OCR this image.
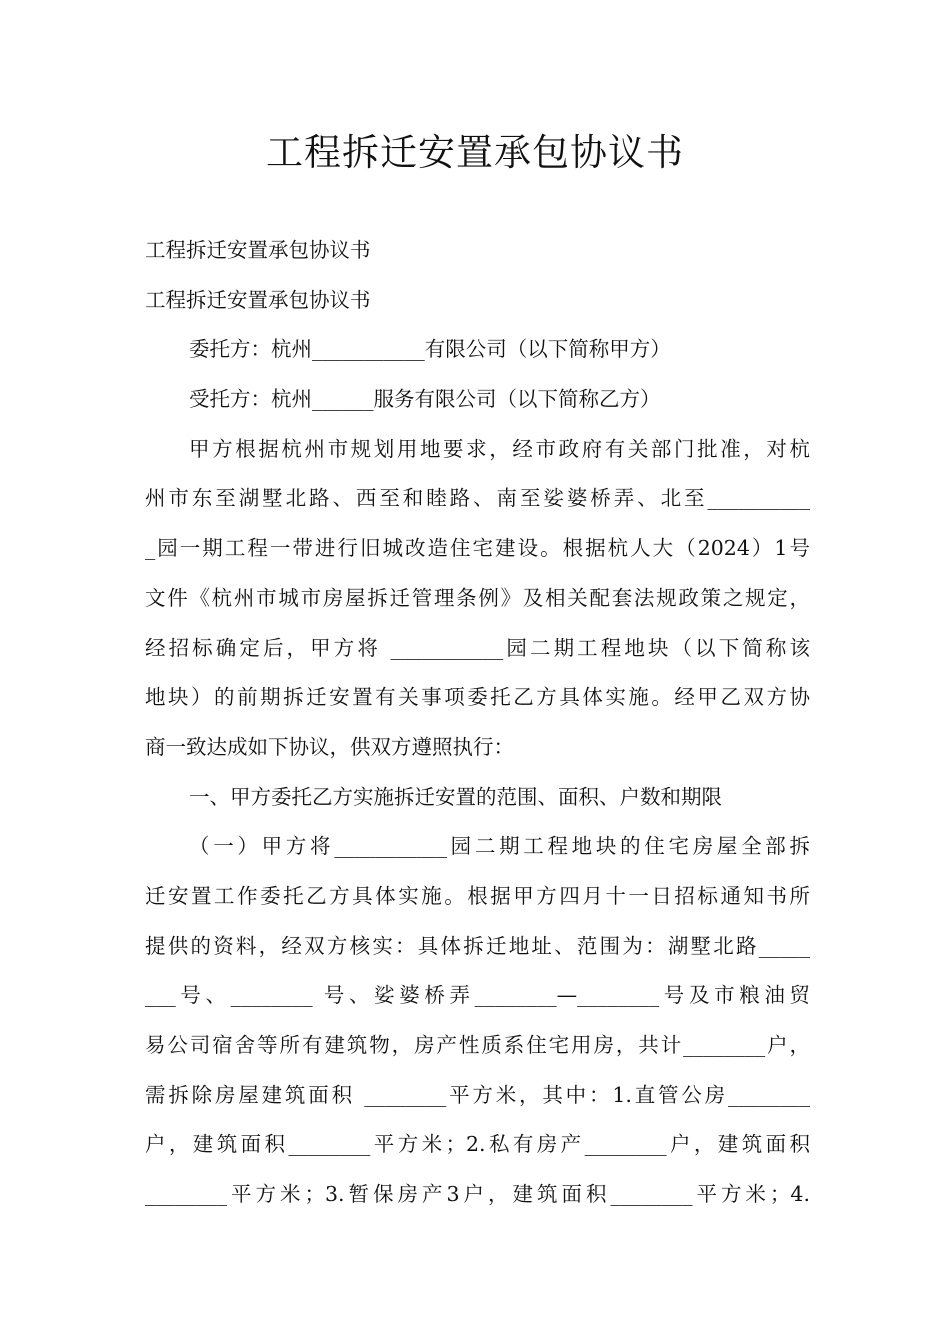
工程拆迁安置承包协议书
工程拆迁安置承包协议书
工程拆迁安置承包协议书
委托方：杭州___________有限公司（以下简称甲方）
受托方：杭州______服务有限公司（以下简称乙方）
甲方根据杭州市规划用地要求，经市政府有关部门批准，对杭
州市东至湖墅北路、西至和睦路、南至娑婆桥弄、北至__________
_园一期工程一带进行旧城改造住宅建设。根据杭人大（2024）1号
文件《杭州市城市房屋拆迁管理条例》及相关配套法规政策之规定，
经招标确定后，甲方将 ___________园二期工程地块（以下简称该
地块）的前期拆迁安置有关事项委托乙方具体实施。经甲乙双方协
商一致达成如下协议，供双方遵照执行：
一、甲方委托乙方实施拆迁安置的范围、面积、户数和期限
（一）甲方将___________园二期工程地块的住宅房屋全部拆
迁安置工作委托乙方具体实施。根据甲方四月十一日招标通知书所
提供的资料，经双方核实：具体拆迁地址、范围为：湖墅北路_____
___号、________ 号、娑婆桥弄________—________号及市粮油贸
易公司宿舍等所有建筑物，房产性质系住宅用房，共计________户，
需拆除房屋建筑面积 ________平方米，其中：1.直管公房________
户，建筑面积________平方米；2.私有房产________户，建筑面积
________平方米；3.暂保房产3户，建筑面积________平方米；4.
